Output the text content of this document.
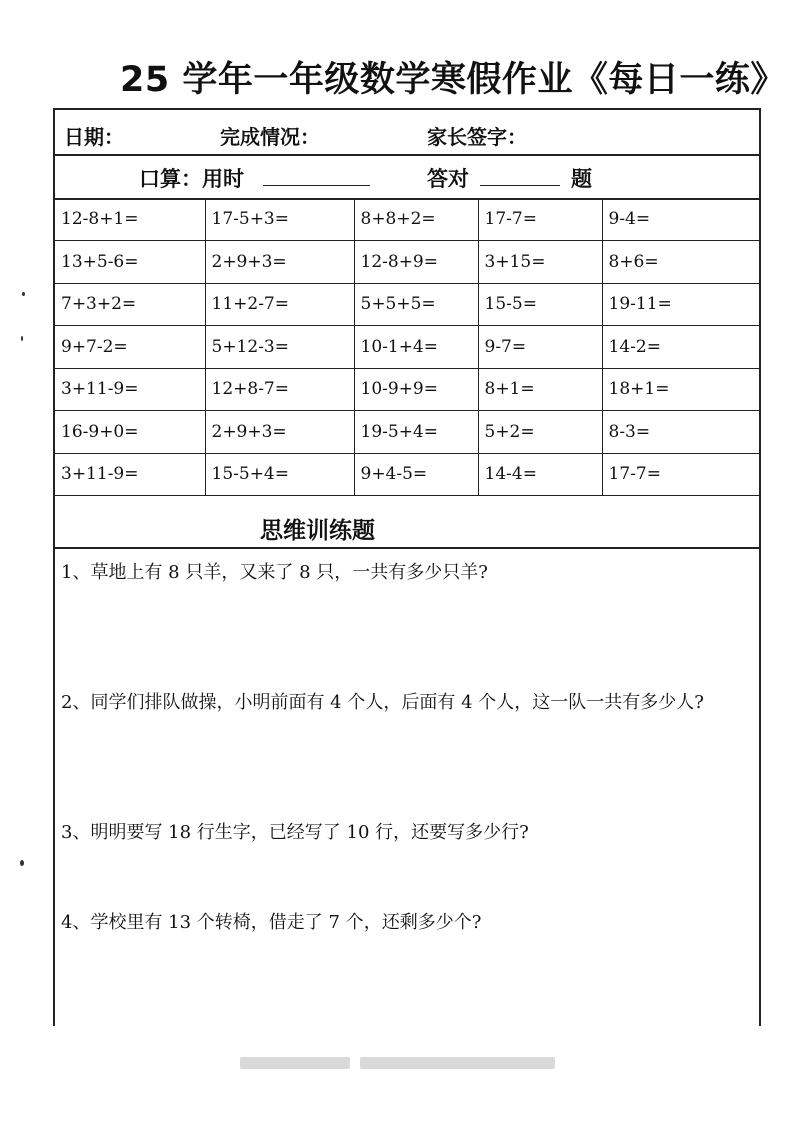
25 学年一年级数学寒假作业《每日一练》
日期：	完成情况：	家长签字：
口算：用时	答对	题
12-8+1=	17-5+3=	8+8+2=	17-7=	9-4=
13+5-6=	2+9+3=	12-8+9=	3+15=	8+6=
7+3+2=	11+2-7=	5+5+5=	15-5=	19-11=
9+7-2=	5+12-3=	10-1+4=	9-7=	14-2=
3+11-9=	12+8-7=	10-9+9=	8+1=	18+1=
16-9+0=	2+9+3=	19-5+4=	5+2=	8-3=
3+11-9=	15-5+4=	9+4-5=	14-4=	17-7=
思维训练题
1、草地上有 8 只羊，又来了 8 只，一共有多少只羊?
2、同学们排队做操，小明前面有 4 个人，后面有 4 个人，这一队一共有多少人?
3、明明要写 18 行生字，已经写了 10 行，还要写多少行?
4、学校里有 13 个转椅，借走了 7 个，还剩多少个?
